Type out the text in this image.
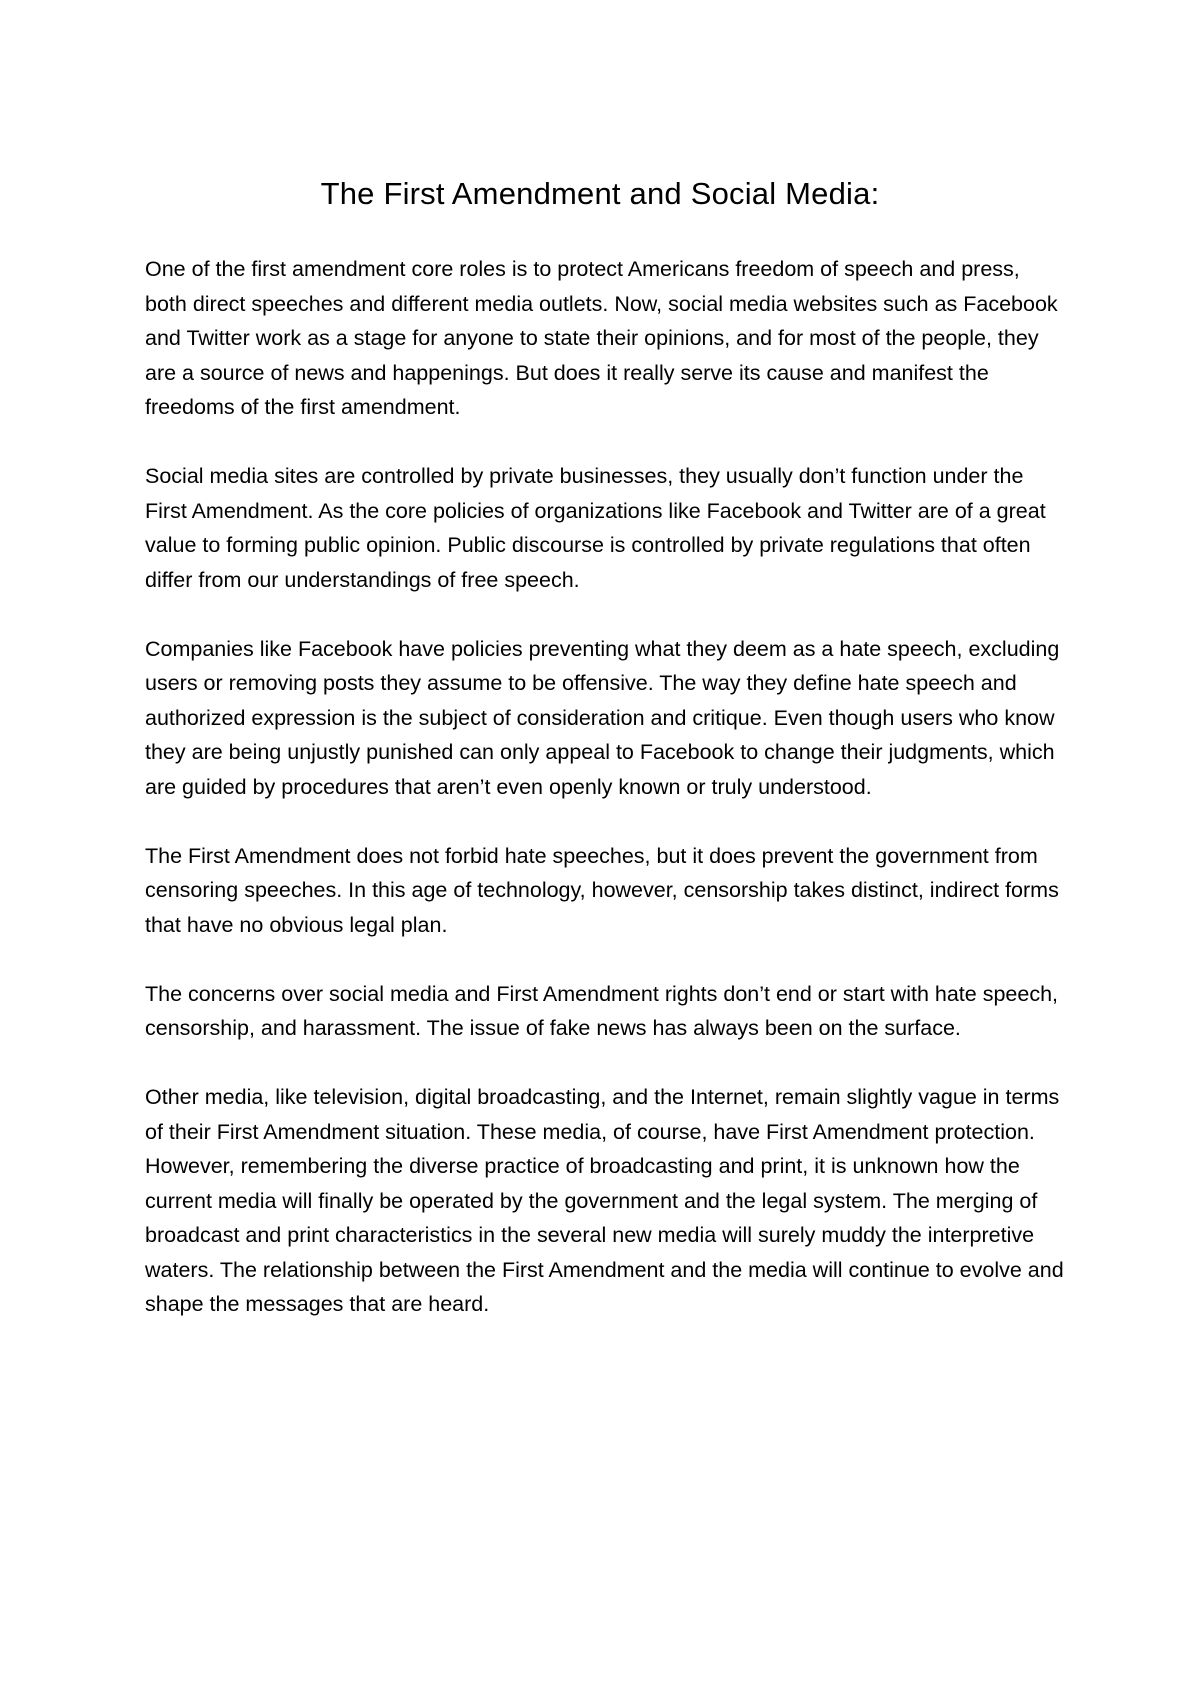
The First Amendment and Social Media:

One of the first amendment core roles is to protect Americans freedom of speech and press, both direct speeches and different media outlets. Now, social media websites such as Facebook and Twitter work as a stage for anyone to state their opinions, and for most of the people, they are a source of news and happenings. But does it really serve its cause and manifest the freedoms of the first amendment.

Social media sites are controlled by private businesses, they usually don’t function under the First Amendment. As the core policies of organizations like Facebook and Twitter are of a great value to forming public opinion. Public discourse is controlled by private regulations that often differ from our understandings of free speech.

Companies like Facebook have policies preventing what they deem as a hate speech, excluding users or removing posts they assume to be offensive. The way they define hate speech and authorized expression is the subject of consideration and critique. Even though users who know they are being unjustly punished can only appeal to Facebook to change their judgments, which are guided by procedures that aren’t even openly known or truly understood.

The First Amendment does not forbid hate speeches, but it does prevent the government from censoring speeches. In this age of technology, however, censorship takes distinct, indirect forms that have no obvious legal plan.

The concerns over social media and First Amendment rights don’t end or start with hate speech, censorship, and harassment. The issue of fake news has always been on the surface.

Other media, like television, digital broadcasting, and the Internet, remain slightly vague in terms of their First Amendment situation. These media, of course, have First Amendment protection. However, remembering the diverse practice of broadcasting and print, it is unknown how the current media will finally be operated by the government and the legal system. The merging of broadcast and print characteristics in the several new media will surely muddy the interpretive waters. The relationship between the First Amendment and the media will continue to evolve and shape the messages that are heard.
